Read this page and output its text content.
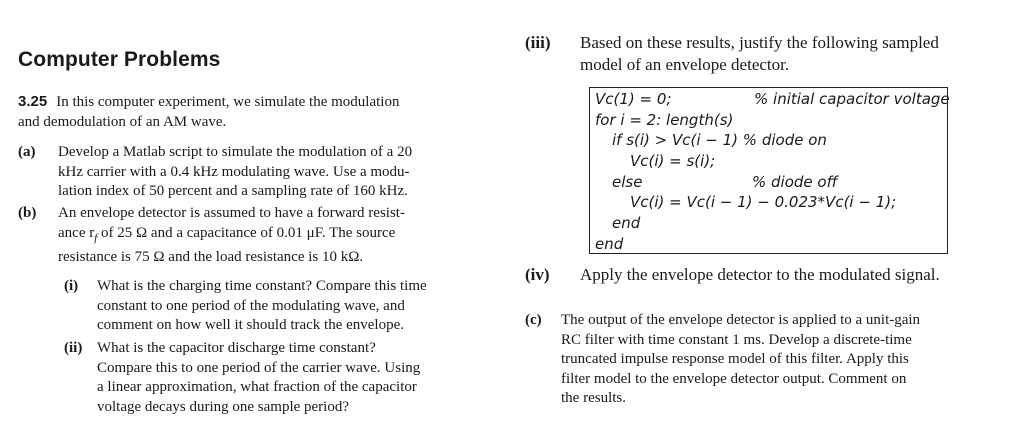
Computer Problems
3.25 In this computer experiment, we simulate the modulation
and demodulation of an AM wave.
(a) Develop a Matlab script to simulate the modulation of a 20
kHz carrier with a 0.4 kHz modulating wave. Use a modu-
lation index of 50 percent and a sampling rate of 160 kHz.
(b) An envelope detector is assumed to have a forward resist-
ance $r_f$ of 25 Ω and a capacitance of 0.01 μF. The source
resistance is 75 Ω and the load resistance is 10 kΩ.
(i) What is the charging time constant? Compare this time
constant to one period of the modulating wave, and
comment on how well it should track the envelope.
(ii) What is the capacitor discharge time constant?
Compare this to one period of the carrier wave. Using
a linear approximation, what fraction of the capacitor
voltage decays during one sample period?
(iii) Based on these results, justify the following sampled
model of an envelope detector.
Vc(1) = 0;	% initial capacitor voltage
for i = 2: length(s)
if s(i) > Vc(i − 1) % diode on
Vc(i) = s(i);
else	% diode off
Vc(i) = Vc(i − 1) − 0.023*Vc(i − 1);
end
end
(iv) Apply the envelope detector to the modulated signal.
(c) The output of the envelope detector is applied to a unit-gain
RC filter with time constant 1 ms. Develop a discrete-time
truncated impulse response model of this filter. Apply this
filter model to the envelope detector output. Comment on
the results.
